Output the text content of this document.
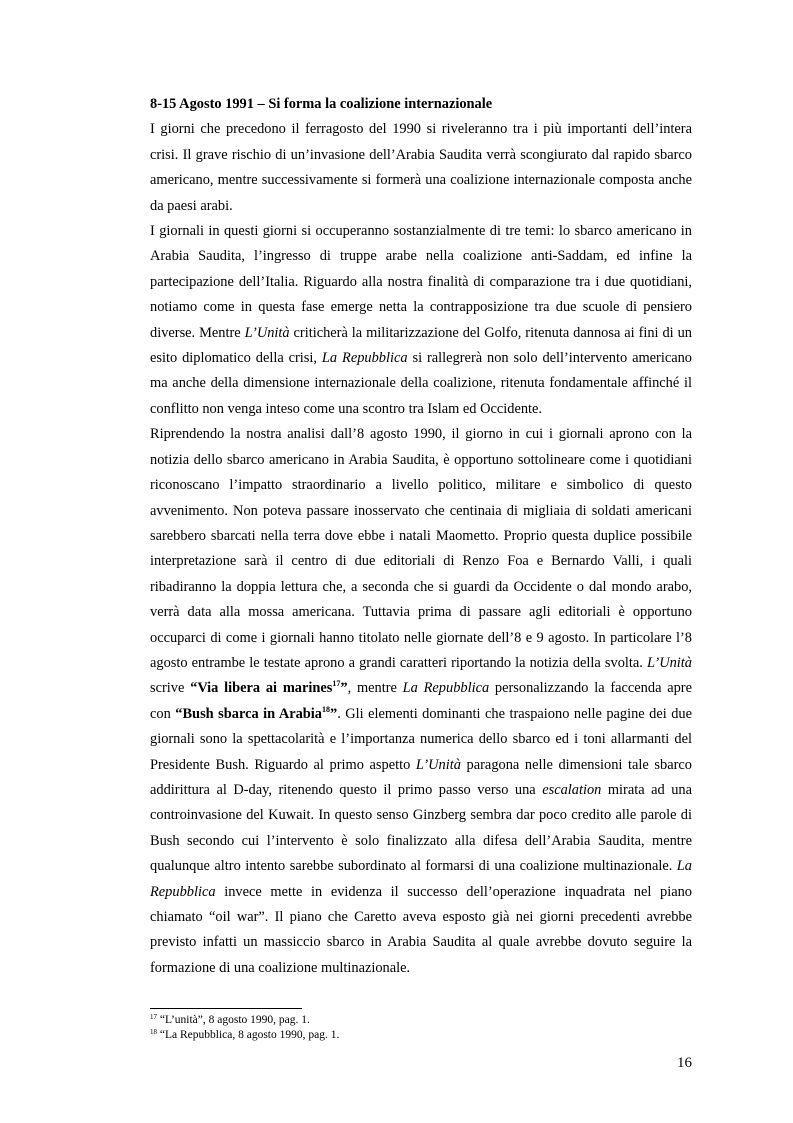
8-15 Agosto 1991 – Si forma la coalizione internazionale

I giorni che precedono il ferragosto del 1990 si riveleranno tra i più importanti dell’intera crisi. Il grave rischio di un’invasione dell’Arabia Saudita verrà scongiurato dal rapido sbarco americano, mentre successivamente si formerà una coalizione internazionale composta anche da paesi arabi.

I giornali in questi giorni si occuperanno sostanzialmente di tre temi: lo sbarco americano in Arabia Saudita, l’ingresso di truppe arabe nella coalizione anti-Saddam, ed infine la partecipazione dell’Italia. Riguardo alla nostra finalità di comparazione tra i due quotidiani, notiamo come in questa fase emerge netta la contrapposizione tra due scuole di pensiero diverse. Mentre L’Unità criticherà la militarizzazione del Golfo, ritenuta dannosa ai fini di un esito diplomatico della crisi, La Repubblica si rallegrerà non solo dell’intervento americano ma anche della dimensione internazionale della coalizione, ritenuta fondamentale affinché il conflitto non venga inteso come una scontro tra Islam ed Occidente.

Riprendendo la nostra analisi dall’8 agosto 1990, il giorno in cui i giornali aprono con la notizia dello sbarco americano in Arabia Saudita, è opportuno sottolineare come i quotidiani riconoscano l’impatto straordinario a livello politico, militare e simbolico di questo avvenimento. Non poteva passare inosservato che centinaia di migliaia di soldati americani sarebbero sbarcati nella terra dove ebbe i natali Maometto. Proprio questa duplice possibile interpretazione sarà il centro di due editoriali di Renzo Foa e Bernardo Valli, i quali ribadiranno la doppia lettura che, a seconda che si guardi da Occidente o dal mondo arabo, verrà data alla mossa americana. Tuttavia prima di passare agli editoriali è opportuno occuparci di come i giornali hanno titolato nelle giornate dell’8 e 9 agosto. In particolare l’8 agosto entrambe le testate aprono a grandi caratteri riportando la notizia della svolta. L’Unità scrive “Via libera ai marines$^{17}$”, mentre La Repubblica personalizzando la faccenda apre con “Bush sbarca in Arabia$^{18}$”. Gli elementi dominanti che traspaiono nelle pagine dei due giornali sono la spettacolarità e l’importanza numerica dello sbarco ed i toni allarmanti del Presidente Bush. Riguardo al primo aspetto L’Unità paragona nelle dimensioni tale sbarco addirittura al D-day, ritenendo questo il primo passo verso una escalation mirata ad una controinvasione del Kuwait. In questo senso Ginzberg sembra dar poco credito alle parole di Bush secondo cui l’intervento è solo finalizzato alla difesa dell’Arabia Saudita, mentre qualunque altro intento sarebbe subordinato al formarsi di una coalizione multinazionale. La Repubblica invece mette in evidenza il successo dell’operazione inquadrata nel piano chiamato “oil war”. Il piano che Caretto aveva esposto già nei giorni precedenti avrebbe previsto infatti un massiccio sbarco in Arabia Saudita al quale avrebbe dovuto seguire la formazione di una coalizione multinazionale.

$^{17}$ “L’unità”, 8 agosto 1990, pag. 1.
$^{18}$ “La Repubblica, 8 agosto 1990, pag. 1.
16
